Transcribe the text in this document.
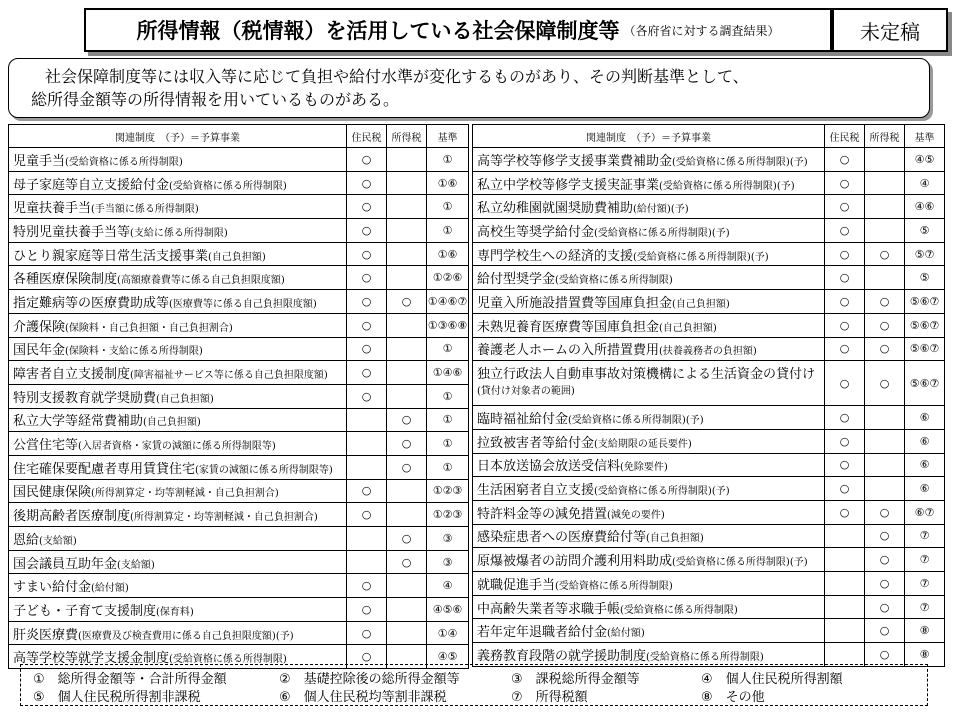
所得情報（税情報）を活用している社会保障制度等 （各府省に対する調査結果）	未定稿

社会保障制度等には収入等に応じて負担や給付水準が変化するものがあり、その判断基準として、

総所得金額等の所得情報を用いているものがある。

関連制度　 （予）＝予算事業	住民税	所得税	基準
児童手当(受給資格に係る所得制限)	○		①
母子家庭等自立支援給付金(受給資格に係る所得制限)	○		①⑥
児童扶養手当(手当額に係る所得制限)	○		①
特別児童扶養手当等(支給に係る所得制限)	○		①
ひとり親家庭等日常生活支援事業(自己負担額)	○		①⑥
各種医療保険制度(高額療養費等に係る自己負担限度額)	○		①②⑥
指定難病等の医療費助成等(医療費等に係る自己負担限度額)	○	○	①④⑥⑦
介護保険(保険料・自己負担額・自己負担割合)	○		①③⑥⑧
国民年金(保険料・支給に係る所得制限)	○		①
障害者自立支援制度(障害福祉サービス等に係る自己負担限度額)	○		①④⑥
特別支援教育就学奨励費(自己負担額)	○		①
私立大学等経常費補助(自己負担額)		○	①
公営住宅等(入居者資格・家賃の減額に係る所得制限等)		○	①
住宅確保要配慮者専用賃貸住宅(家賃の減額に係る所得制限等)		○	①
国民健康保険(所得割算定・均等割軽減・自己負担割合)	○		①②③
後期高齢者医療制度(所得割算定・均等割軽減・自己負担割合)	○		①②③
恩給(支給額)		○	③
国会議員互助年金(支給額)		○	③
すまい給付金(給付額)	○		④
子ども・子育て支援制度(保育料)	○		④⑤⑥
肝炎医療費(医療費及び検査費用に係る自己負担限度額)(予)	○		①④
高等学校等就学支援金制度(受給資格に係る所得制限)	○		④⑤
関連制度　 （予）＝予算事業	住民税	所得税	基準
高等学校等修学支援事業費補助金(受給資格に係る所得制限)(予)	○		④⑤
私立中学校等修学支援実証事業(受給資格に係る所得制限)(予)	○		④
私立幼稚園就園奨励費補助(給付額)(予)	○		④⑥
高校生等奨学給付金(受給資格に係る所得制限)(予)	○		⑤
専門学校生への経済的支援(受給資格に係る所得制限)(予)	○	○	⑤⑦
給付型奨学金(受給資格に係る所得制限)	○		⑤
児童入所施設措置費等国庫負担金(自己負担額)	○	○	⑤⑥⑦
未熟児養育医療費等国庫負担金(自己負担額)	○	○	⑤⑥⑦
養護老人ホームの入所措置費用(扶養義務者の負担額)	○	○	⑤⑥⑦
独立行政法人自動車事故対策機構による生活資金の貸付け
(貸付け対象者の範囲)	○	○	⑤⑥⑦
臨時福祉給付金(受給資格に係る所得制限)(予)	○		⑥
拉致被害者等給付金(支給期限の延長要件)	○		⑥
日本放送協会放送受信料(免除要件)	○		⑥
生活困窮者自立支援(受給資格に係る所得制限)(予)	○		⑥
特許料金等の減免措置(減免の要件)	○	○	⑥⑦
感染症患者への医療費給付等(自己負担額)		○	⑦
原爆被爆者の訪問介護利用料助成(受給資格に係る所得制限)(予)		○	⑦
就職促進手当(受給資格に係る所得制限)		○	⑦
中高齢失業者等求職手帳(受給資格に係る所得制限)		○	⑦
若年定年退職者給付金(給付額)		○	⑧
義務教育段階の就学援助制度(受給資格に係る所得制限)		○	⑧
①　総所得金額等・合計所得金額	②　基礎控除後の総所得金額等	③　課税総所得金額等	④　個人住民税所得割額
⑤　個人住民税所得割非課税	⑥　個人住民税均等割非課税	⑦　所得税額	⑧　その他
